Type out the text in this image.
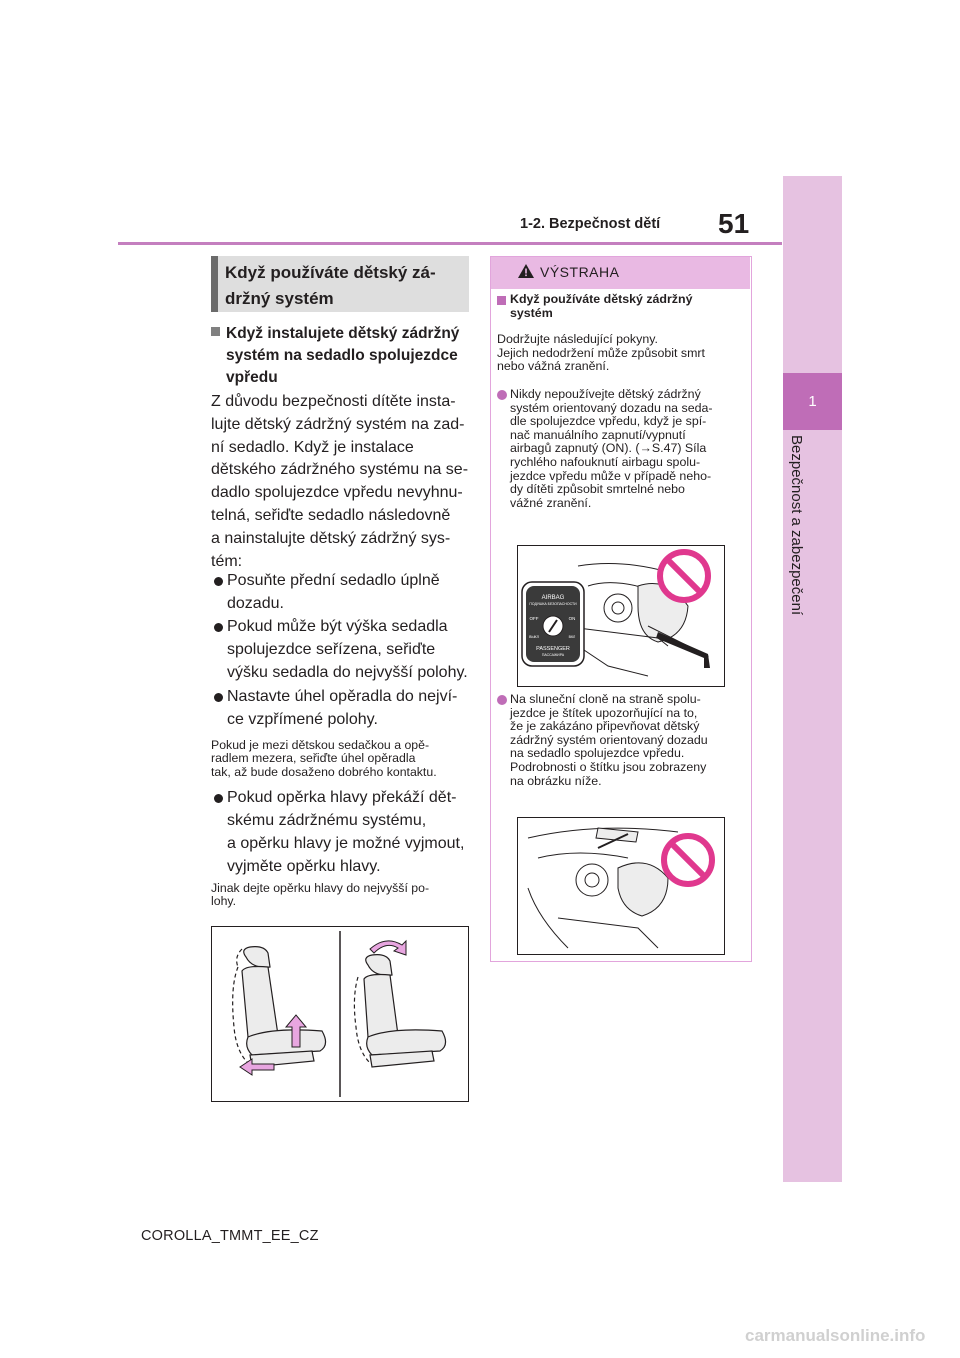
1-2. Bezpečnost dětí 51
1
Bezpečnost a zabezpečení
Když používáte dětský zá-
držný systém
Když instalujete dětský zádržný
systém na sedadlo spolujezdce
vpředu
Z důvodu bezpečnosti dítěte insta-
lujte dětský zádržný systém na zad-
ní sedadlo. Když je instalace
dětského zádržného systému na se-
dadlo spolujezdce vpředu nevyhnu-
telná, seřiďte sedadlo následovně
a nainstalujte dětský zádržný sys-
tém:
Posuňte přední sedadlo úplně
dozadu.
Pokud může být výška sedadla
spolujezdce seřízena, seřiďte
výšku sedadla do nejvyšší polohy.
Nastavte úhel opěradla do nejví-
ce vzpřímené polohy.
Pokud je mezi dětskou sedačkou a opě-
radlem mezera, seřiďte úhel opěradla
tak, až bude dosaženo dobrého kontaktu.
Pokud opěrka hlavy překáží dět-
skému zádržnému systému,
a opěrku hlavy je možné vyjmout,
vyjměte opěrku hlavy.
Jinak dejte opěrku hlavy do nejvyšší po-
lohy.
VÝSTRAHA
Když používáte dětský zádržný
systém
Dodržujte následující pokyny.
Jejich nedodržení může způsobit smrt
nebo vážná zranění.
Nikdy nepoužívejte dětský zádržný
systém orientovaný dozadu na seda-
dle spolujezdce vpředu, když je spí-
nač manuálního zapnutí/vypnutí
airbagů zapnutý (ON). (→S.47) Síla
rychlého nafouknutí airbagu spolu-
jezdce vpředu může v případě neho-
dy dítěti způsobit smrtelné nebo
vážné zranění.
AIRBAG
ПОДУШКА БЕЗОПАСНОСТИ
OFF	ON
ВЫКЛ	ВКЛ
PASSENGER
ПАССАЖИРА
Na sluneční cloně na straně spolu-
jezdce je štítek upozorňující na to,
že je zakázáno připevňovat dětský
zádržný systém orientovaný dozadu
na sedadlo spolujezdce vpředu.
Podrobnosti o štítku jsou zobrazeny
na obrázku níže.
COROLLA_TMMT_EE_CZ
carmanualsonline.info
